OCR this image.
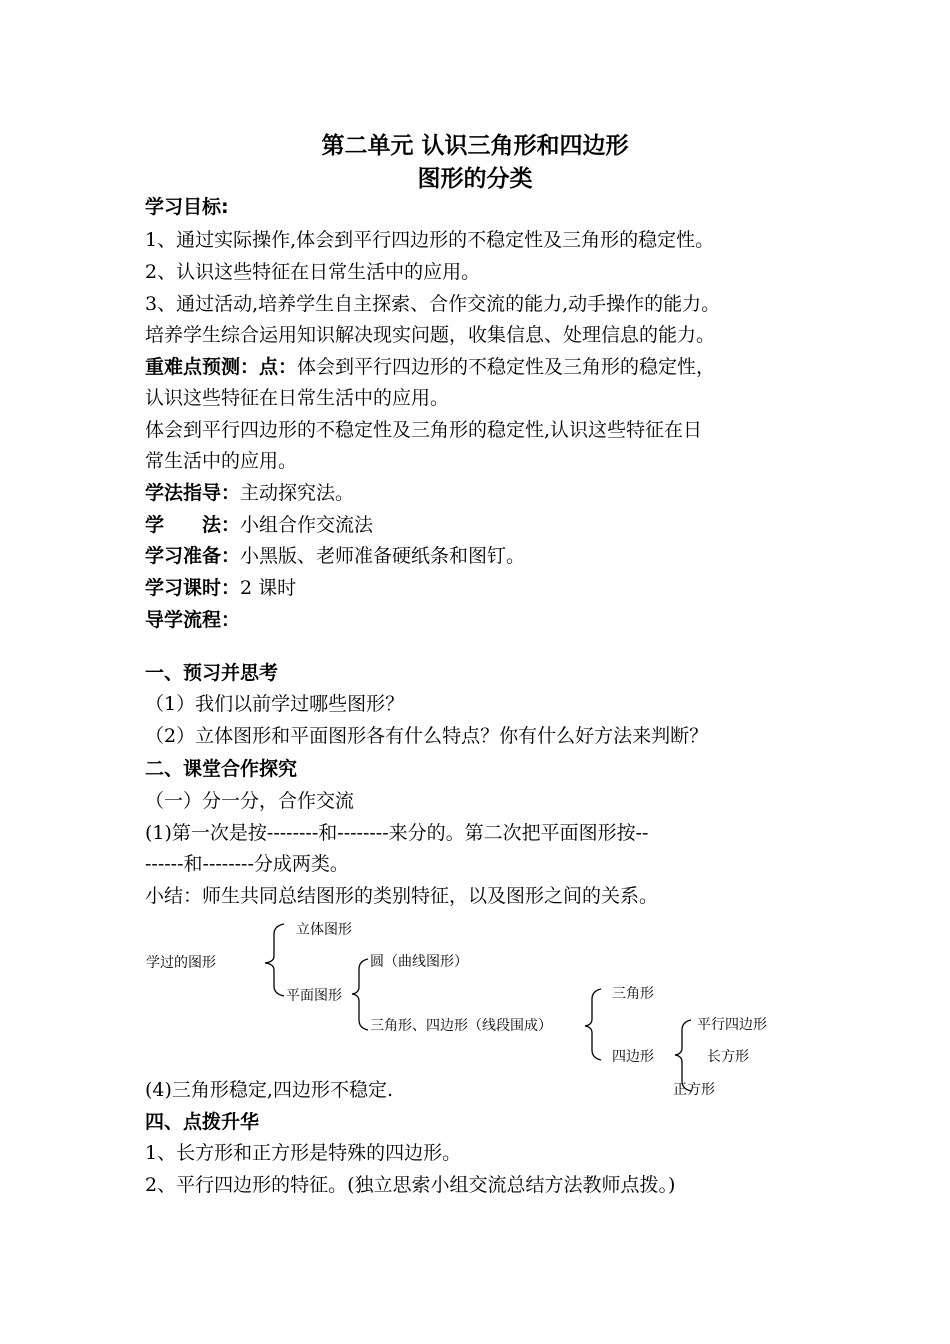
第二单元 认识三角形和四边形
图形的分类
学习目标:
1、通过实际操作,体会到平行四边形的不稳定性及三角形的稳定性。
2、认识这些特征在日常生活中的应用。
3、通过活动,培养学生自主探索、合作交流的能力,动手操作的能力。
培养学生综合运用知识解决现实问题，收集信息、处理信息的能力。
重难点预测：点：体会到平行四边形的不稳定性及三角形的稳定性，
认识这些特征在日常生活中的应用。
体会到平行四边形的不稳定性及三角形的稳定性,认识这些特征在日
常生活中的应用。
学法指导：主动探究法。
学　　法：小组合作交流法
学习准备：小黑版、老师准备硬纸条和图钉。
学习课时：2 课时
导学流程：
一、预习并思考
（1）我们以前学过哪些图形？
（2）立体图形和平面图形各有什么特点？你有什么好方法来判断？
二、课堂合作探究
（一）分一分，合作交流
(1)第一次是按--------和--------来分的。第二次把平面图形按--
------和--------分成两类。
小结：师生共同总结图形的类别特征，以及图形之间的关系。
学过的图形
立体图形
平面图形
圆（曲线图形）
三角形、四边形（线段围成）
三角形
四边形
平行四边形
长方形
正方形
(4)三角形稳定,四边形不稳定.
四、点拨升华
1、长方形和正方形是特殊的四边形。
2、平行四边形的特征。(独立思索小组交流总结方法教师点拨。)
